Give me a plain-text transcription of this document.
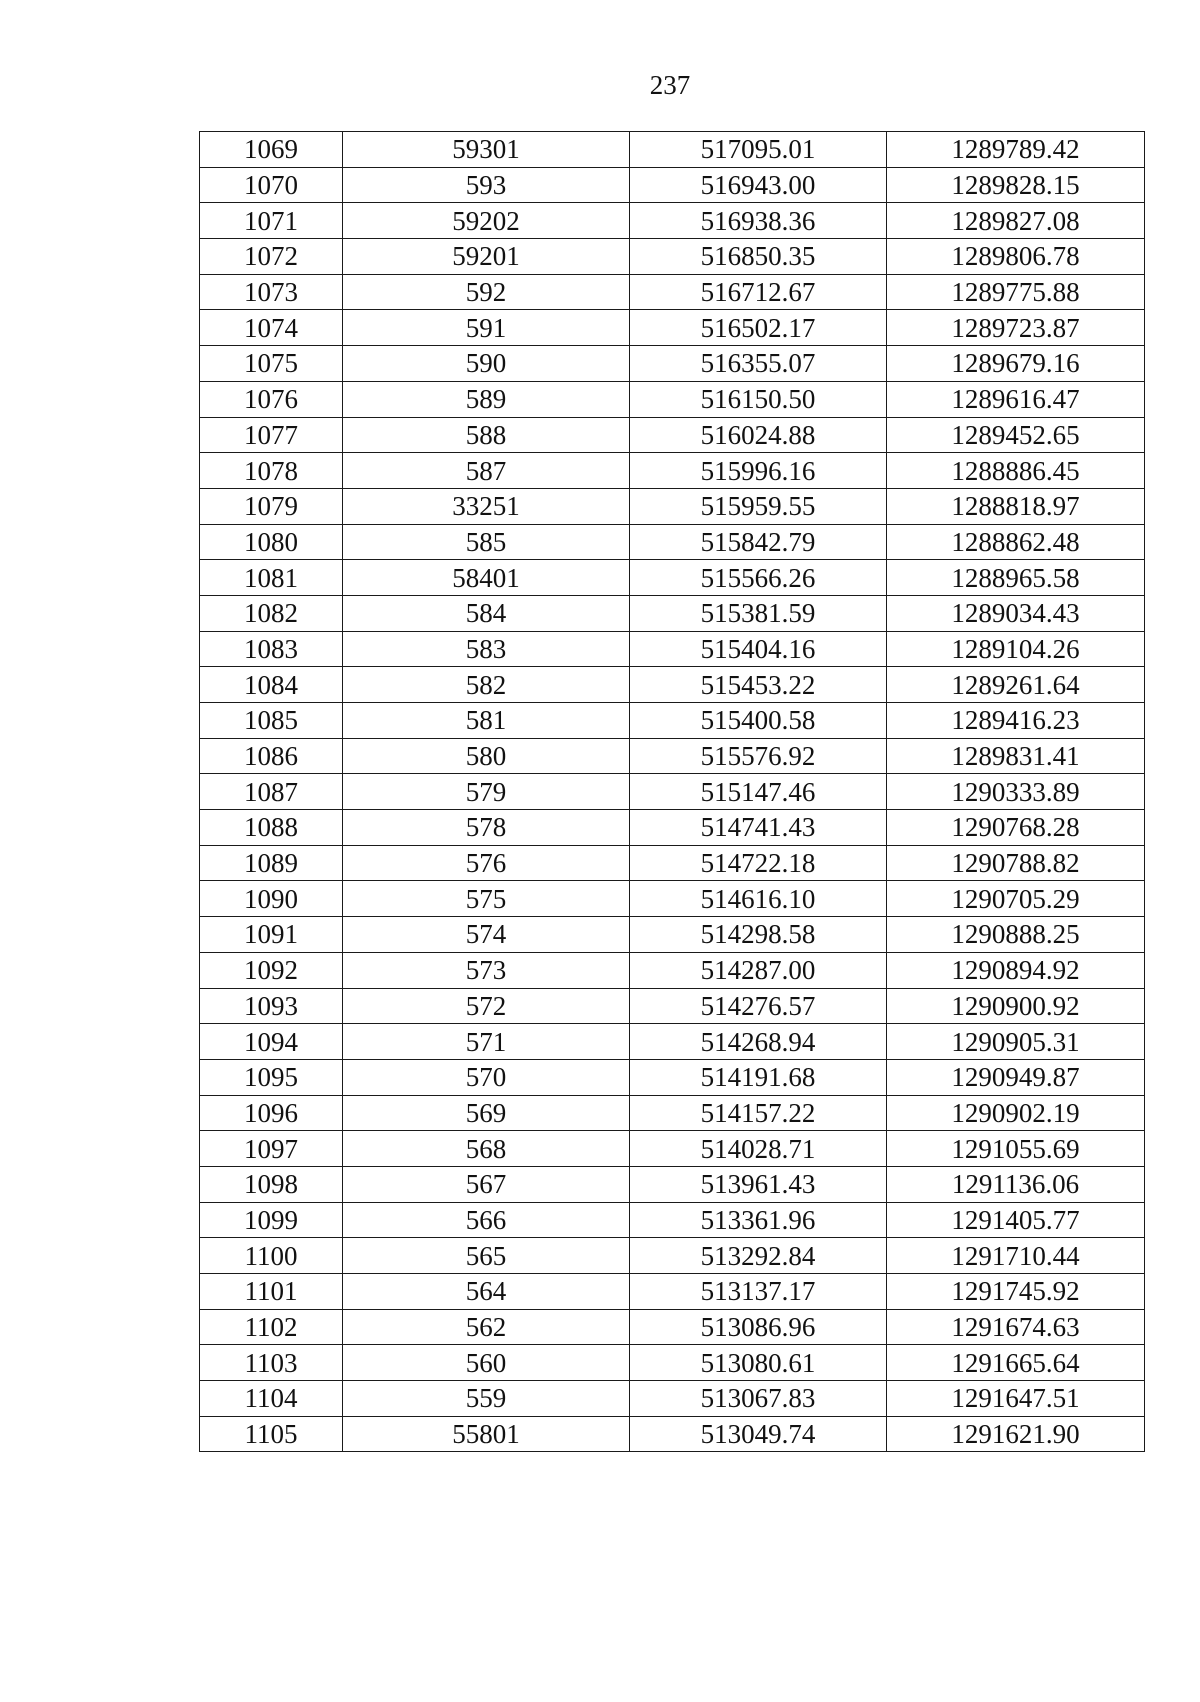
237
1069	59301	517095.01	1289789.42
1070	593	516943.00	1289828.15
1071	59202	516938.36	1289827.08
1072	59201	516850.35	1289806.78
1073	592	516712.67	1289775.88
1074	591	516502.17	1289723.87
1075	590	516355.07	1289679.16
1076	589	516150.50	1289616.47
1077	588	516024.88	1289452.65
1078	587	515996.16	1288886.45
1079	33251	515959.55	1288818.97
1080	585	515842.79	1288862.48
1081	58401	515566.26	1288965.58
1082	584	515381.59	1289034.43
1083	583	515404.16	1289104.26
1084	582	515453.22	1289261.64
1085	581	515400.58	1289416.23
1086	580	515576.92	1289831.41
1087	579	515147.46	1290333.89
1088	578	514741.43	1290768.28
1089	576	514722.18	1290788.82
1090	575	514616.10	1290705.29
1091	574	514298.58	1290888.25
1092	573	514287.00	1290894.92
1093	572	514276.57	1290900.92
1094	571	514268.94	1290905.31
1095	570	514191.68	1290949.87
1096	569	514157.22	1290902.19
1097	568	514028.71	1291055.69
1098	567	513961.43	1291136.06
1099	566	513361.96	1291405.77
1100	565	513292.84	1291710.44
1101	564	513137.17	1291745.92
1102	562	513086.96	1291674.63
1103	560	513080.61	1291665.64
1104	559	513067.83	1291647.51
1105	55801	513049.74	1291621.90
